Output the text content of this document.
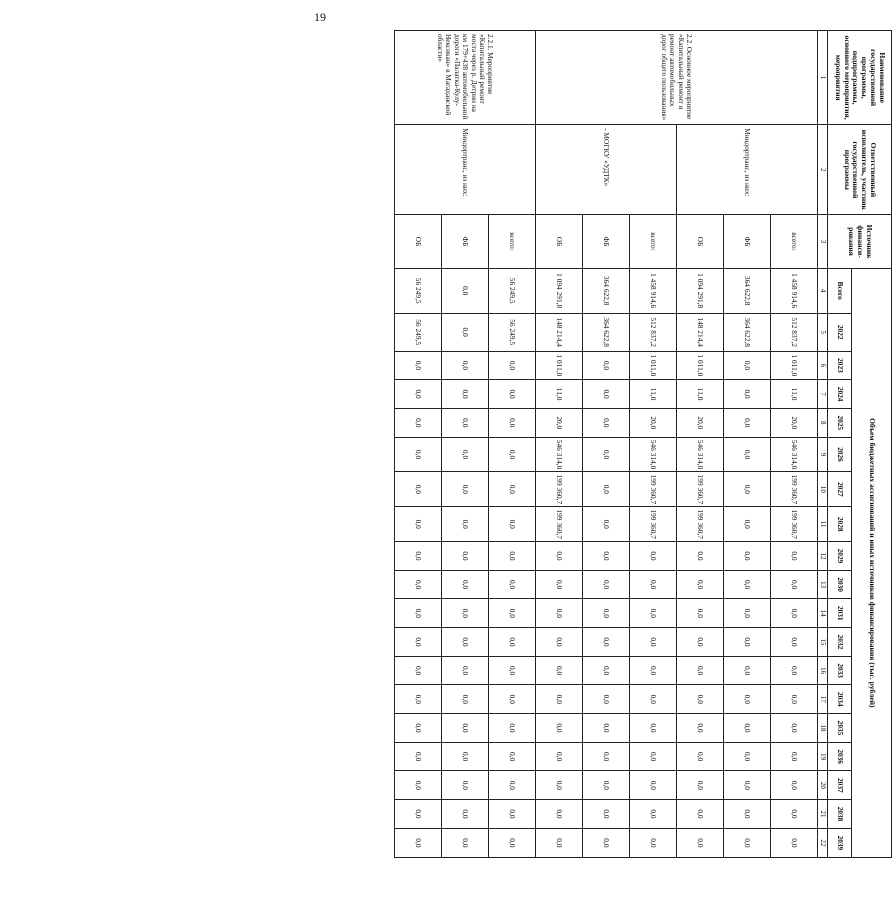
19
Наименование государственной программы, подпрограммы, основного мероприятия, мероприятия	Ответственный исполнитель, участник государственной программы	Источник финанси-рования	Объем бюджетных ассигнований и иных источников финансирования (тыс. рублей)																		
			Всего	2022	2023	2024	2025	2026	2027	2028	2029	2030	2031	2032	2033	2034	2035	2036	2037	2038	2039
1	2	3	4	5	6	7	8	9	10	11	12	13	14	15	16	17	18	19	20	21	22
2.2. Основное мероприятие «Капитальный ремонт и ремонт автомобильных дорог общего пользования»	Миндортранс, из них:	всего:	1 458 914,6	512 837,2	1 011,0	11,0	20,0	546 314,0	199 360,7	199 360,7	0,0	0,0	0,0	0,0	0,0	0,0	0,0	0,0	0,0	0,0	0,0
		ФБ	364 622,8	364 622,8	0,0	0,0	0,0	0,0	0,0	0,0	0,0	0,0	0,0	0,0	0,0	0,0	0,0	0,0	0,0	0,0	0,0
		ОБ	1 094 291,8	148 214,4	1 011,0	11,0	20,0	546 314,0	199 360,7	199 360,7	0,0	0,0	0,0	0,0	0,0	0,0	0,0	0,0	0,0	0,0	0,0
	- МОГКУ «УДТК»	всего:	1 458 914,6	512 837,2	1 011,0	11,0	20,0	546 314,0	199 360,7	199 360,7	0,0	0,0	0,0	0,0	0,0	0,0	0,0	0,0	0,0	0,0	0,0
		ФБ	364 622,8	364 622,8	0,0	0,0	0,0	0,0	0,0	0,0	0,0	0,0	0,0	0,0	0,0	0,0	0,0	0,0	0,0	0,0	0,0
		ОБ	1 094 291,8	148 214,4	1 011,0	11,0	20,0	546 314,0	199 360,7	199 360,7	0,0	0,0	0,0	0,0	0,0	0,0	0,0	0,0	0,0	0,0	0,0
2.2.1. Мероприятие «Капитальный ремонт моста через р. Детрин на км 179+438 автомобильной дороги «Палатка-Кулу-Нексикан» в Магаданской области»	Миндортранс, из них:	всего:	56 249,5	56 249,5	0,0	0,0	0,0	0,0	0,0	0,0	0,0	0,0	0,0	0,0	0,0	0,0	0,0	0,0	0,0	0,0	0,0
		ФБ	0,0	0,0	0,0	0,0	0,0	0,0	0,0	0,0	0,0	0,0	0,0	0,0	0,0	0,0	0,0	0,0	0,0	0,0	0,0
		ОБ	56 249,5	56 249,5	0,0	0,0	0,0	0,0	0,0	0,0	0,0	0,0	0,0	0,0	0,0	0,0	0,0	0,0	0,0	0,0	0,0
